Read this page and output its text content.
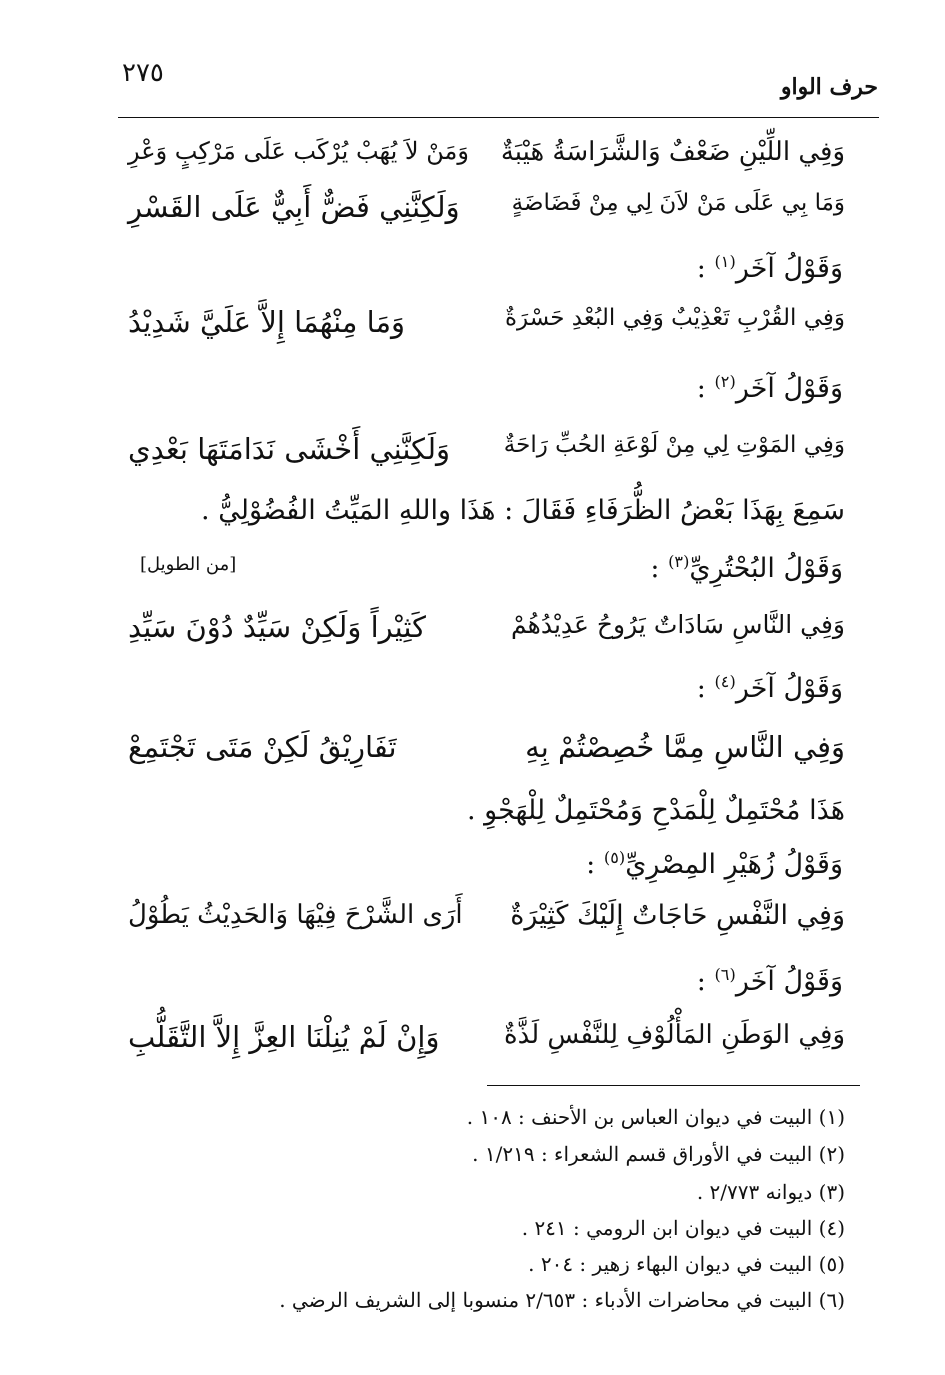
٢٧٥	حرف الواو
وَفِي اللِّيْنِ ضَعْفٌ وَالشَّرَاسَةُ هَيْبَةٌ
وَمَنْ لاَ يُهَبْ يُرْكَب عَلَى مَرْكِبٍ وَعْرِ
وَمَا بِي عَلَى مَنْ لاَنَ لِي مِنْ فَضَاضَةٍ
وَلَكِنَّنِي فَضٌّ أَبِيٌّ عَلَى القَسْرِ
وَقَوْلُ آخَر$^{(١)}$ :
وَفِي القُرْبِ تَعْذِيْبٌ وَفِي البُعْدِ حَسْرَةٌ
وَمَا مِنْهُمَا إِلاَّ عَلَيَّ شَدِيْدُ
وَقَوْلُ آخَر$^{(٢)}$ :
وَفِي المَوْتِ لِي مِنْ لَوْعَةِ الحُبِّ رَاحَةٌ
وَلَكِنَّنِي أَخْشَى نَدَامَتَهَا بَعْدِي
سَمِعَ بِهَذَا بَعْضُ الظُّرَفَاءِ فَقَالَ : هَذَا واللهِ المَيِّتُ الفُضُوْلِيُّ .
وَقَوْلُ البُحْتُرِيِّ$^{(٣)}$ :
[من الطويل]
وَفِي النَّاسِ سَادَاتٌ يَرُوحُ عَدِيْدُهُمْ
كَثِيْراً وَلَكِنْ سَيِّدٌ دُوْنَ سَيِّدِ
وَقَوْلُ آخَر$^{(٤)}$ :
وَفِي النَّاسِ مِمَّا خُصِصْتُمْ بِهِ
تَفَارِيْقُ لَكِنْ مَتَى تَجْتَمِعْ
هَذَا مُحْتَمِلٌ لِلْمَدْحِ وَمُحْتَمِلٌ لِلْهَجْوِ .
وَقَوْلُ زُهَيْرِ المِصْرِيِّ$^{(٥)}$ :
وَفِي النَّفْسِ حَاجَاتٌ إِلَيْكَ كَثِيْرَةٌ
أَرَى الشَّرْحَ فِيْهَا وَالحَدِيْثُ يَطُوْلُ
وَقَوْلُ آخَر$^{(٦)}$ :
وَفِي الوَطَنِ المَأْلُوْفِ لِلنَّفْسِ لَذَّةٌ
وَإِنْ لَمْ يُنِلْنَا العِزَّ إِلاَّ التَّقَلُّبِ
(١) البيت في ديوان العباس بن الأحنف : ١٠٨ .
(٢) البيت في الأوراق قسم الشعراء : ١/٢١٩ .
(٣) ديوانه ٢/٧٧٣ .
(٤) البيت في ديوان ابن الرومي : ٢٤١ .
(٥) البيت في ديوان البهاء زهير : ٢٠٤ .
(٦) البيت في محاضرات الأدباء : ٢/٦٥٣ منسوبا إلى الشريف الرضي .
